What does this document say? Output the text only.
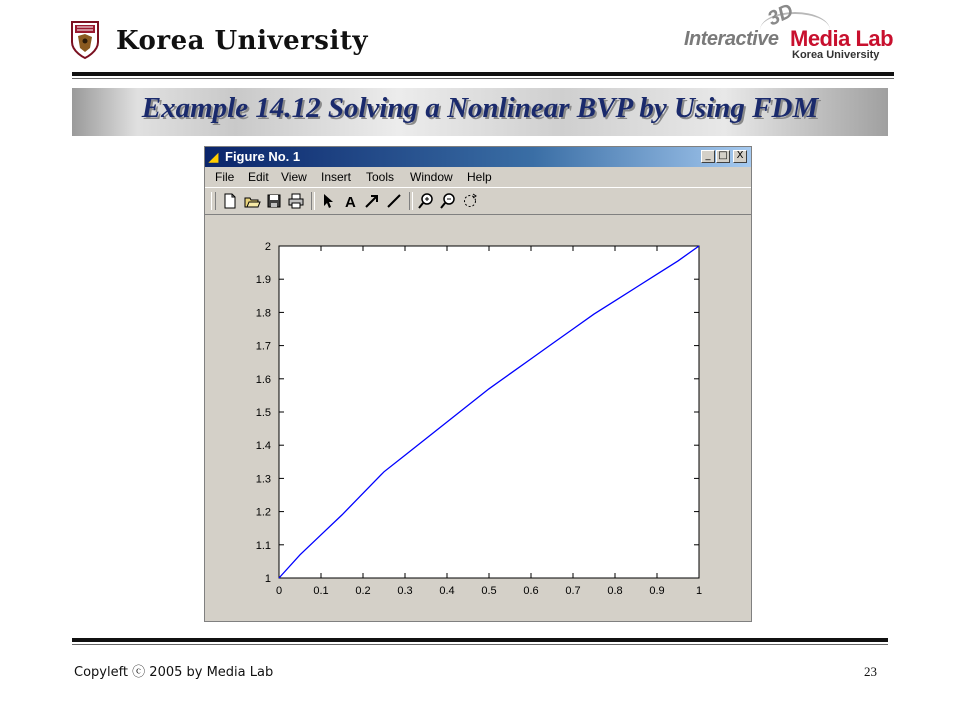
Korea University
3D
Interactive Media Lab
Korea University
Example 14.12 Solving a Nonlinear BVP by Using FDM
◢ Figure No. 1	_ □ X
File Edit View Insert Tools Window Help
A
0	0.1 0.2 0.3 0.4 0.5 0.6 0.7 0.8 0.9	1
1
1.1
1.2
1.3
1.4
1.5
1.6
1.7
1.8
1.9
2
Copyleft ⓒ 2005 by Media Lab	23
